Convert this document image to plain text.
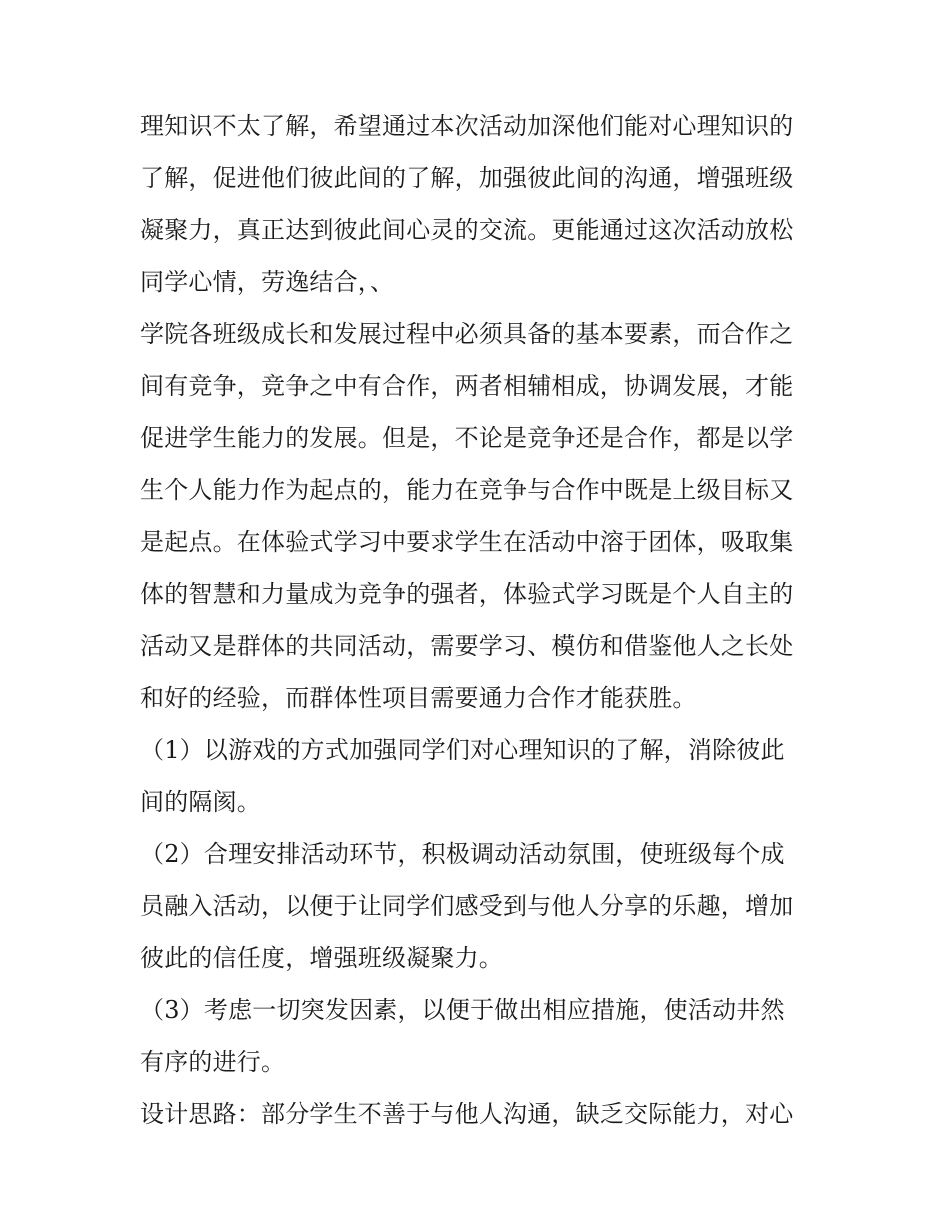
理知识不太了解，希望通过本次活动加深他们能对心理知识的
了解，促进他们彼此间的了解，加强彼此间的沟通，增强班级
凝聚力，真正达到彼此间心灵的交流。更能通过这次活动放松
同学心情，劳逸结合，、
学院各班级成长和发展过程中必须具备的基本要素，而合作之
间有竞争，竞争之中有合作，两者相辅相成，协调发展，才能
促进学生能力的发展。但是，不论是竞争还是合作，都是以学
生个人能力作为起点的，能力在竞争与合作中既是上级目标又
是起点。在体验式学习中要求学生在活动中溶于团体，吸取集
体的智慧和力量成为竞争的强者，体验式学习既是个人自主的
活动又是群体的共同活动，需要学习、模仿和借鉴他人之长处
和好的经验，而群体性项目需要通力合作才能获胜。
（1）以游戏的方式加强同学们对心理知识的了解，消除彼此
间的隔阂。
（2）合理安排活动环节，积极调动活动氛围，使班级每个成
员融入活动，以便于让同学们感受到与他人分享的乐趣，增加
彼此的信任度，增强班级凝聚力。
（3）考虑一切突发因素，以便于做出相应措施，使活动井然
有序的进行。
设计思路：部分学生不善于与他人沟通，缺乏交际能力，对心
